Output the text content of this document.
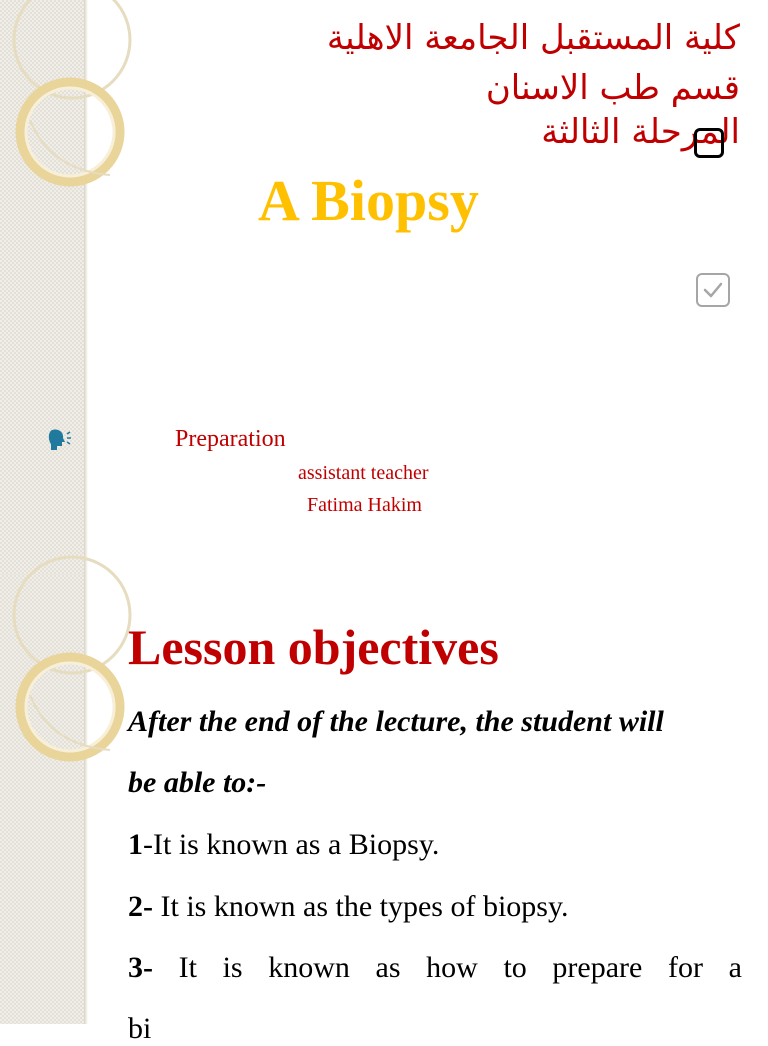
كلية المستقبل الجامعة الاهلية
قسم طب الاسنان
المرحلة الثالثة
A Biopsy
Preparation
assistant teacher
Fatima Hakim
Lesson objectives
After the end of the lecture, the student will
be able to:-
1-It is known as a Biopsy.
2- It is known as the types of biopsy.
3- It is known as how to prepare for a
bi
